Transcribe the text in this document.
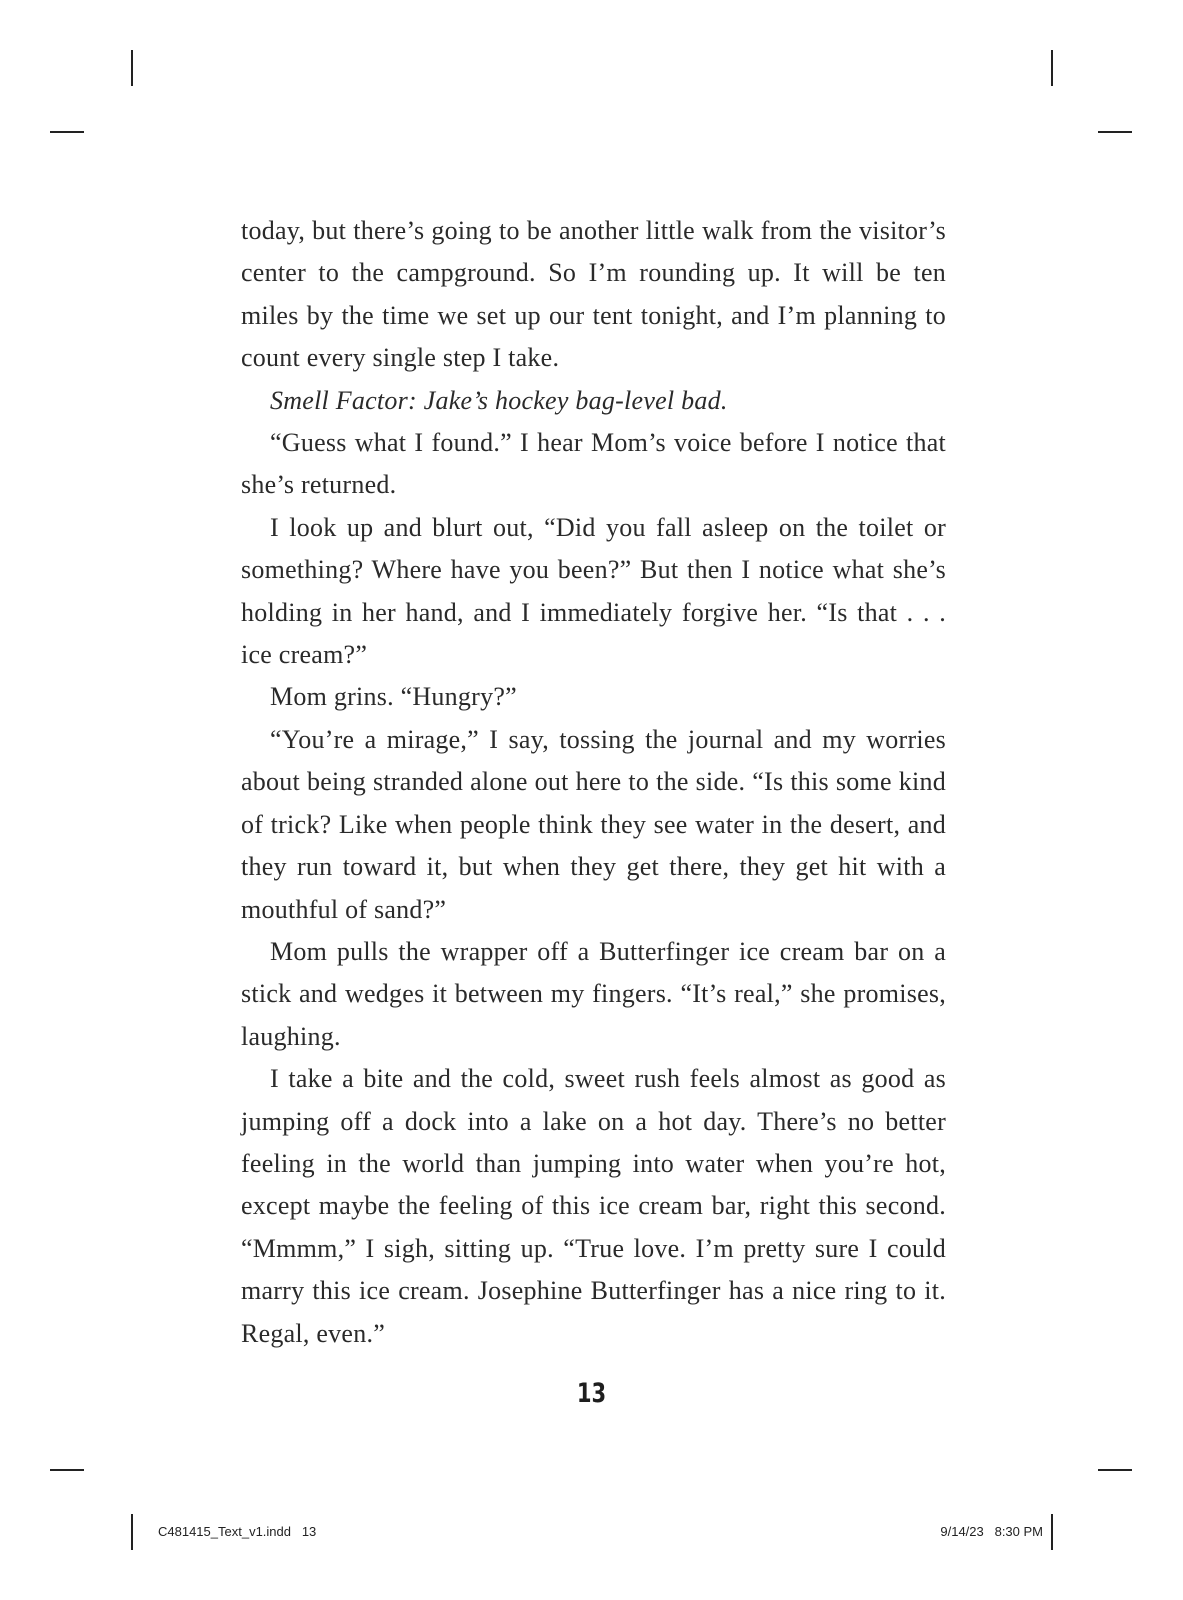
today, but there’s going to be another little walk from the visitor’s center to the campground. So I’m rounding up. It will be ten miles by the time we set up our tent tonight, and I’m planning to count every single step I take.

Smell Factor: Jake’s hockey bag-level bad.

“Guess what I found.” I hear Mom’s voice before I notice that she’s returned.

I look up and blurt out, “Did you fall asleep on the toilet or something? Where have you been?” But then I notice what she’s holding in her hand, and I immediately forgive her. “Is that . . . ice cream?”

Mom grins. “Hungry?”

“You’re a mirage,” I say, tossing the journal and my worries about being stranded alone out here to the side. “Is this some kind of trick? Like when people think they see water in the desert, and they run toward it, but when they get there, they get hit with a mouthful of sand?”

Mom pulls the wrapper off a Butterfinger ice cream bar on a stick and wedges it between my fingers. “It’s real,” she promises, laughing.

I take a bite and the cold, sweet rush feels almost as good as jumping off a dock into a lake on a hot day. There’s no better feeling in the world than jumping into water when you’re hot, except maybe the feeling of this ice cream bar, right this second. “Mmmm,” I sigh, sitting up. “True love. I’m pretty sure I could marry this ice cream. Josephine Butterfinger has a nice ring to it. Regal, even.”

13
C481415_Text_v1.indd   13	9/14/23   8:30 PM
